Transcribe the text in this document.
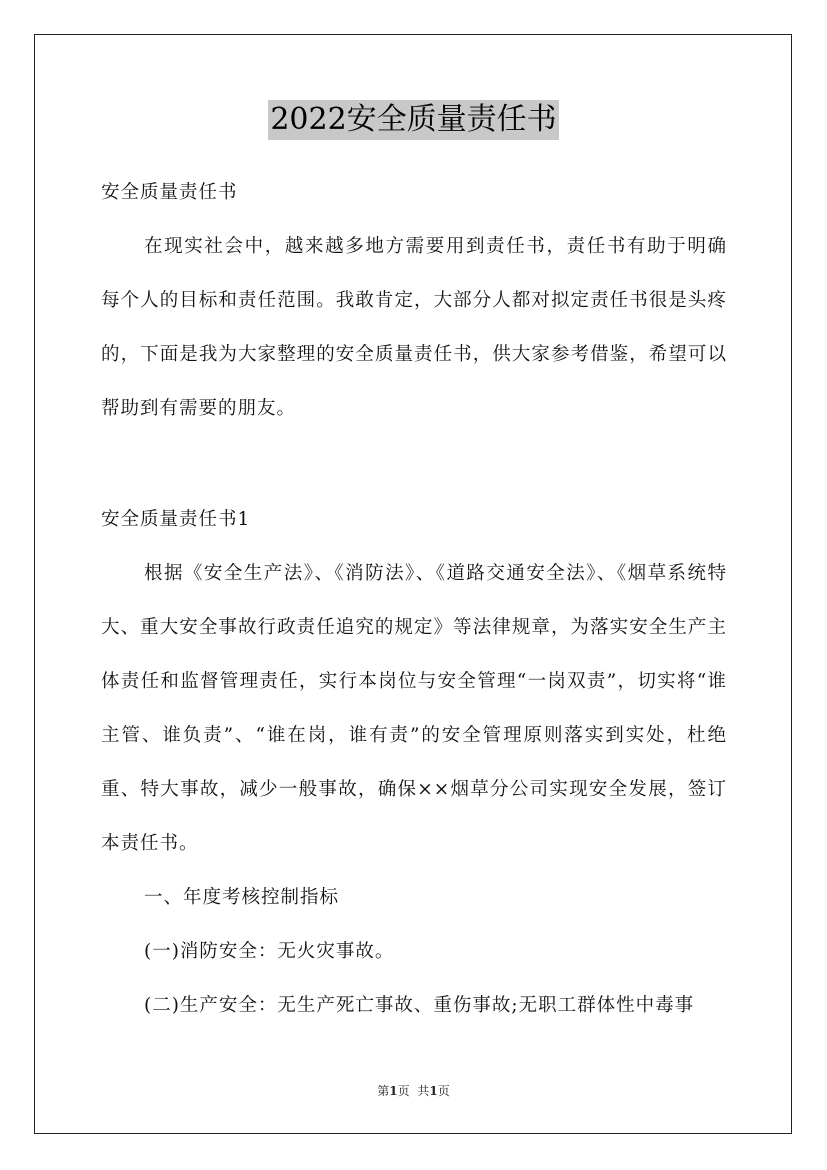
2022安全质量责任书

安全质量责任书

在现实社会中，越来越多地方需要用到责任书，责任书有助于明确每个人的目标和责任范围。我敢肯定，大部分人都对拟定责任书很是头疼的，下面是我为大家整理的安全质量责任书，供大家参考借鉴，希望可以帮助到有需要的朋友。

安全质量责任书1

根据《安全生产法》、《消防法》、《道路交通安全法》、《烟草系统特大、重大安全事故行政责任追究的规定》等法律规章，为落实安全生产主体责任和监督管理责任，实行本岗位与安全管理“一岗双责”，切实将“谁主管、谁负责”、“谁在岗，谁有责”的安全管理原则落实到实处，杜绝重、特大事故，减少一般事故，确保××烟草分公司实现安全发展，签订本责任书。

一、年度考核控制指标

(一)消防安全：无火灾事故。

(二)生产安全：无生产死亡事故、重伤事故;无职工群体性中毒事

第1页 共1页
